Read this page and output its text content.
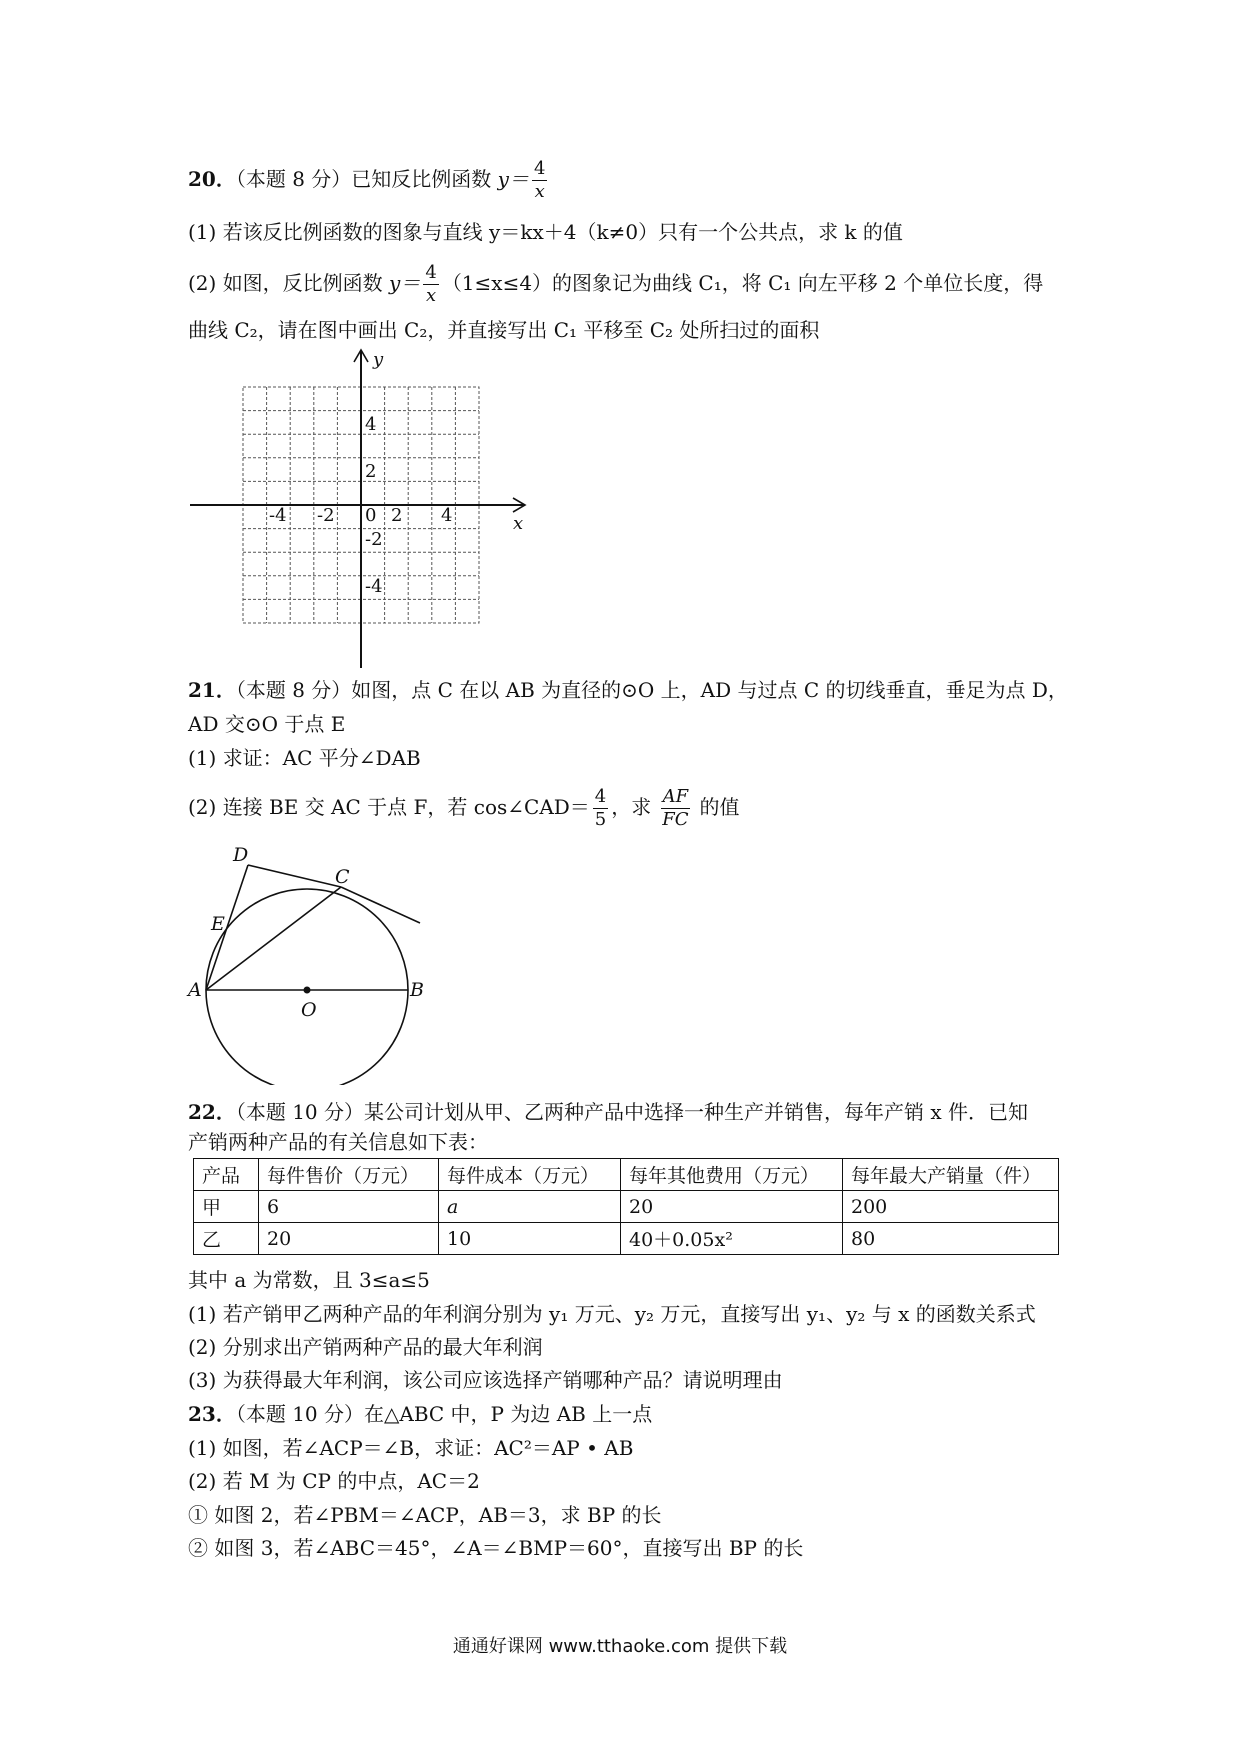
20．（本题 8 分）已知反比例函数 $y= \frac{4}{x}$
(1) 若该反比例函数的图象与直线 y＝kx＋4（k≠0）只有一个公共点，求 k 的值
(2) 如图，反比例函数 $y= \frac{4}{x} (1\le x\le 4)$的图象记为曲线 C₁，将 C₁ 向左平移 2 个单位长度，得
曲线 C₂，请在图中画出 C₂，并直接写出 C₁ 平移至 C₂ 处所扫过的面积
x
y
-4 -2 0 2 4
4
2
-2
-4
21．（本题 8 分）如图，点 C 在以 AB 为直径的⊙O 上，AD 与过点 C 的切线垂直，垂足为点 D，
AD 交⊙O 于点 E
(1) 求证：AC 平分∠DAB
(2) 连接 BE 交 AC 于点 F，若 cos∠CAD＝ $\frac{4}{5}$ ，求 $\frac{AF}{FC}$ 的值
D
C
E
A
O
B
22．（本题 10 分）某公司计划从甲、乙两种产品中选择一种生产并销售，每年产销 x 件．已知
产销两种产品的有关信息如下表：
产品	每件售价（万元）	每件成本（万元）	每年其他费用（万元）	每年最大产销量（件）
甲	6	a	20	200
乙	20	10	40＋0.05x²	80
其中 a 为常数，且 3≤a≤5
(1) 若产销甲乙两种产品的年利润分别为 y₁ 万元、y₂ 万元，直接写出 y₁、y₂ 与 x 的函数关系式
(2) 分别求出产销两种产品的最大年利润
(3) 为获得最大年利润，该公司应该选择产销哪种产品？请说明理由
23．（本题 10 分）在△ABC 中，P 为边 AB 上一点
(1) 如图，若∠ACP＝∠B，求证：AC²＝AP • AB
(2) 若 M 为 CP 的中点，AC＝2
① 如图 2，若∠PBM＝∠ACP，AB＝3，求 BP 的长
② 如图 3，若∠ABC＝45°，∠A＝∠BMP＝60°，直接写出 BP 的长
通通好课网 www.tthaoke.com 提供下载
